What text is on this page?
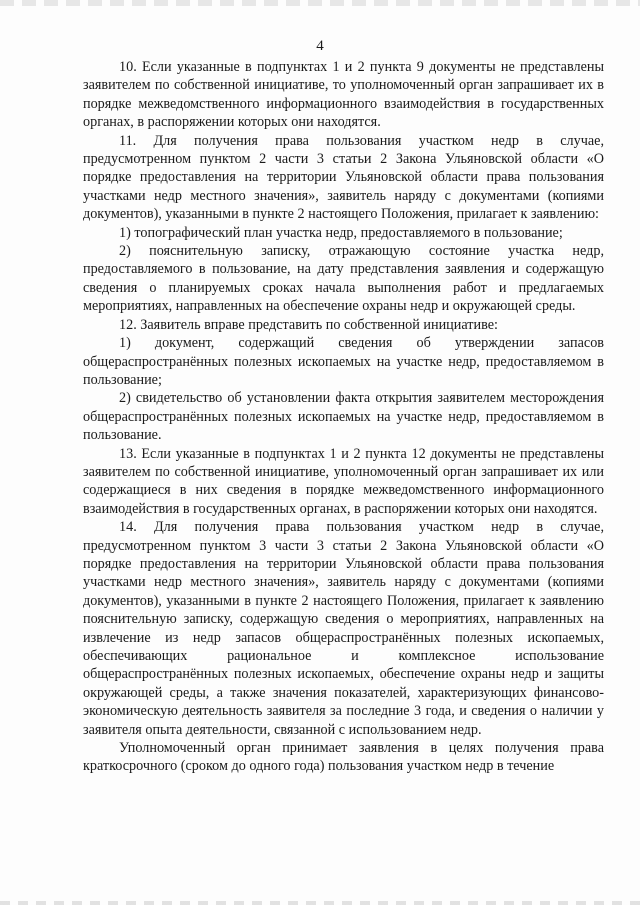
4

10. Если указанные в подпунктах 1 и 2 пункта 9 документы не представлены заявителем по собственной инициативе, то уполномоченный орган запрашивает их в порядке межведомственного информационного взаимодействия в государственных органах, в распоряжении которых они находятся.

11. Для получения права пользования участком недр в случае, предусмотренном пунктом 2 части 3 статьи 2 Закона Ульяновской области «О порядке предоставления на территории Ульяновской области права пользования участками недр местного значения», заявитель наряду с документами (копиями документов), указанными в пункте 2 настоящего Положения, прилагает к заявлению:

1) топографический план участка недр, предоставляемого в пользование;

2) пояснительную записку, отражающую состояние участка недр, предоставляемого в пользование, на дату представления заявления и содержащую сведения о планируемых сроках начала выполнения работ и предлагаемых мероприятиях, направленных на обеспечение охраны недр и окружающей среды.

12. Заявитель вправе представить по собственной инициативе:

1) документ, содержащий сведения об утверждении запасов общераспространённых полезных ископаемых на участке недр, предоставляемом в пользование;

2) свидетельство об установлении факта открытия заявителем месторождения общераспространённых полезных ископаемых на участке недр, предоставляемом в пользование.

13. Если указанные в подпунктах 1 и 2 пункта 12 документы не представлены заявителем по собственной инициативе, уполномоченный орган запрашивает их или содержащиеся в них сведения в порядке межведомственного информационного взаимодействия в государственных органах, в распоряжении которых они находятся.

14. Для получения права пользования участком недр в случае, предусмотренном пунктом 3 части 3 статьи 2 Закона Ульяновской области «О порядке предоставления на территории Ульяновской области права пользования участками недр местного значения», заявитель наряду с документами (копиями документов), указанными в пункте 2 настоящего Положения, прилагает к заявлению пояснительную записку, содержащую сведения о мероприятиях, направленных на извлечение из недр запасов общераспространённых полезных ископаемых, обеспечивающих рациональное и комплексное использование общераспространённых полезных ископаемых, обеспечение охраны недр и защиты окружающей среды, а также значения показателей, характеризующих финансово-экономическую деятельность заявителя за последние 3 года, и сведения о наличии у заявителя опыта деятельности, связанной с использованием недр.

Уполномоченный орган принимает заявления в целях получения права краткосрочного (сроком до одного года) пользования участком недр в течение
